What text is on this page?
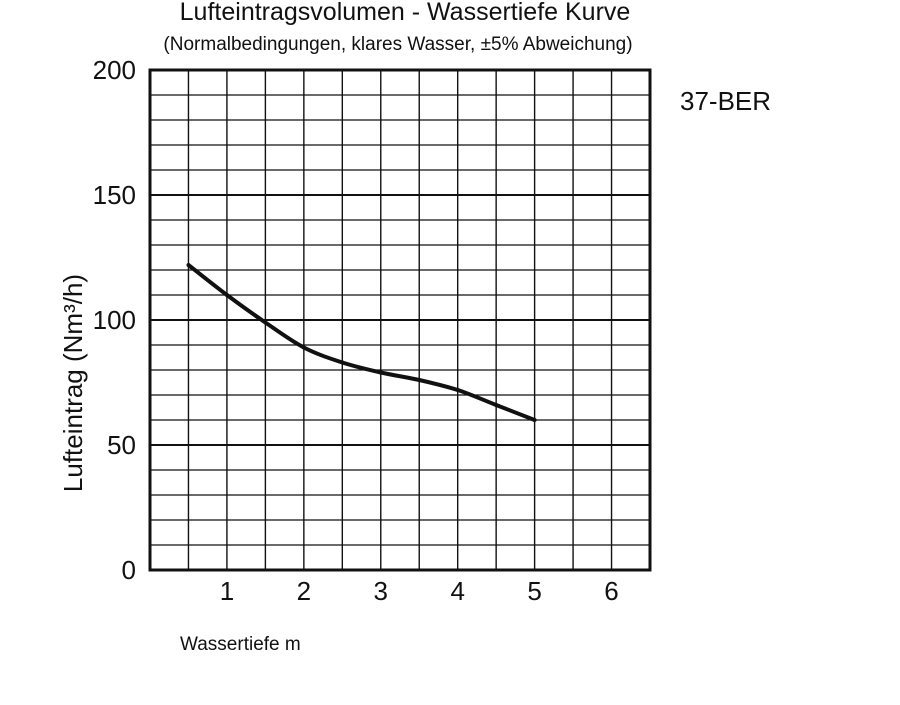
Lufteintragsvolumen - Wassertiefe Kurve
(Normalbedingungen, klares Wasser, ±5% Abweichung)
37-BER
Lufteintrag (Nm³/h)
Wassertiefe m
1 2 3 4 5 6
0
50
100
150
200
